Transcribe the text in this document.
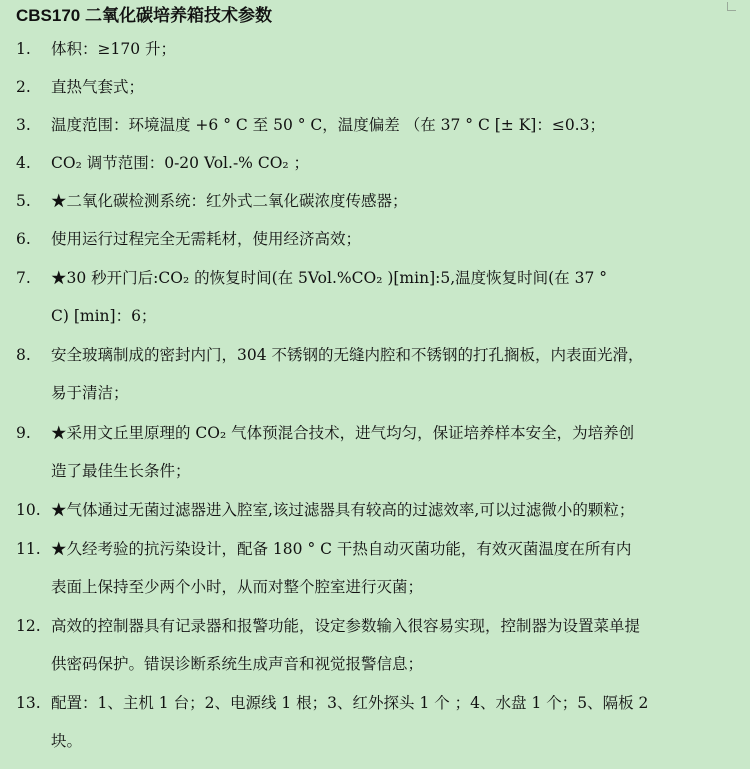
CBS170 二氧化碳培养箱技术参数
1.	体积：≥170 升；
2.	直热气套式；
3.	温度范围：环境温度 +6 ° C 至 50 ° C，温度偏差 （在 37 ° C [± K]：≤0.3；
4.	CO₂ 调节范围：0-20 Vol.-% CO₂ ；
5.	★二氧化碳检测系统：红外式二氧化碳浓度传感器；
6.	使用运行过程完全无需耗材，使用经济高效；
7.	★30 秒开门后:CO₂ 的恢复时间(在 5Vol.%CO₂ )[min]:5,温度恢复时间(在 37 °
C) [min]：6；
8.	安全玻璃制成的密封内门，304 不锈钢的无缝内腔和不锈钢的打孔搁板，内表面光滑，
易于清洁；
9.	★采用文丘里原理的 CO₂ 气体预混合技术，进气均匀，保证培养样本安全，为培养创
造了最佳生长条件；
10. ★气体通过无菌过滤器进入腔室,该过滤器具有较高的过滤效率,可以过滤微小的颗粒；
11. ★久经考验的抗污染设计，配备 180 ° C 干热自动灭菌功能，有效灭菌温度在所有内
表面上保持至少两个小时，从而对整个腔室进行灭菌；
12. 高效的控制器具有记录器和报警功能，设定参数输入很容易实现，控制器为设置菜单提
供密码保护。错误诊断系统生成声音和视觉报警信息；
13. 配置：1、主机 1 台；2、电源线 1 根；3、红外探头 1 个 ；4、水盘 1 个；5、隔板 2
块。
